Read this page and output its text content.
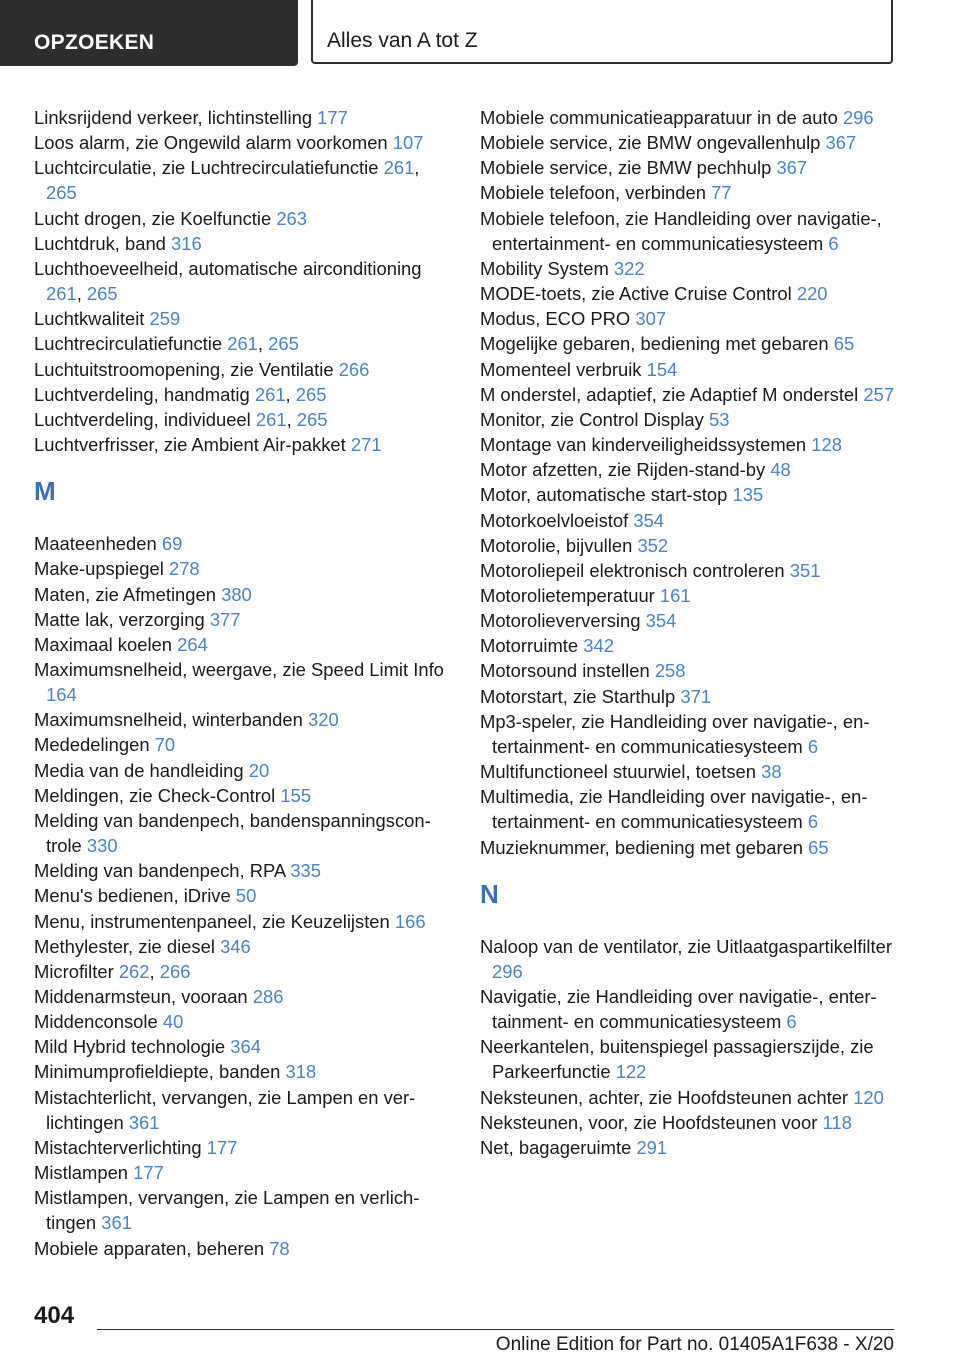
OPZOEKEN	Alles van A tot Z
Linksrijdend verkeer, lichtinstelling 177
Loos alarm, zie Ongewild alarm voorkomen 107
Luchtcirculatie, zie Luchtrecirculatiefunctie 261, 265
Lucht drogen, zie Koelfunctie 263
Luchtdruk, band 316
Luchthoeveelheid, automatische airconditioning 261, 265
Luchtkwaliteit 259
Luchtrecirculatiefunctie 261, 265
Luchtuitstroomopening, zie Ventilatie 266
Luchtverdeling, handmatig 261, 265
Luchtverdeling, individueel 261, 265
Luchtverfrisser, zie Ambient Air-pakket 271
M
Maateenheden 69
Make-upspiegel 278
Maten, zie Afmetingen 380
Matte lak, verzorging 377
Maximaal koelen 264
Maximumsnelheid, weergave, zie Speed Limit Info 164
Maximumsnelheid, winterbanden 320
Mededelingen 70
Media van de handleiding 20
Meldingen, zie Check-Control 155
Melding van bandenpech, bandenspanningscontrole 330
Melding van bandenpech, RPA 335
Menu's bedienen, iDrive 50
Menu, instrumentenpaneel, zie Keuzelijsten 166
Methylester, zie diesel 346
Microfilter 262, 266
Middenarmsteun, vooraan 286
Middenconsole 40
Mild Hybrid technologie 364
Minimumprofieldiepte, banden 318
Mistachterlicht, vervangen, zie Lampen en verlichtingen 361
Mistachterverlichting 177
Mistlampen 177
Mistlampen, vervangen, zie Lampen en verlichtingen 361
Mobiele apparaten, beheren 78
Mobiele communicatieapparatuur in de auto 296
Mobiele service, zie BMW ongevallenhulp 367
Mobiele service, zie BMW pechhulp 367
Mobiele telefoon, verbinden 77
Mobiele telefoon, zie Handleiding over navigatie-, entertainment- en communicatiesysteem 6
Mobility System 322
MODE-toets, zie Active Cruise Control 220
Modus, ECO PRO 307
Mogelijke gebaren, bediening met gebaren 65
Momenteel verbruik 154
M onderstel, adaptief, zie Adaptief M onderstel 257
Monitor, zie Control Display 53
Montage van kinderveiligheidssystemen 128
Motor afzetten, zie Rijden-stand-by 48
Motor, automatische start-stop 135
Motorkoelvloeistof 354
Motorolie, bijvullen 352
Motoroliepeil elektronisch controleren 351
Motorolietemperatuur 161
Motorolieverversing 354
Motorruimte 342
Motorsound instellen 258
Motorstart, zie Starthulp 371
Mp3-speler, zie Handleiding over navigatie-, entertainment- en communicatiesysteem 6
Multifunctioneel stuurwiel, toetsen 38
Multimedia, zie Handleiding over navigatie-, entertainment- en communicatiesysteem 6
Muzieknummer, bediening met gebaren 65
N
Naloop van de ventilator, zie Uitlaatgaspartikelfilter 296
Navigatie, zie Handleiding over navigatie-, entertainment- en communicatiesysteem 6
Neerkantelen, buitenspiegel passagierszijde, zie Parkeerfunctie 122
Neksteunen, achter, zie Hoofdsteunen achter 120
Neksteunen, voor, zie Hoofdsteunen voor 118
Net, bagageruimte 291
404
Online Edition for Part no. 01405A1F638 - X/20
